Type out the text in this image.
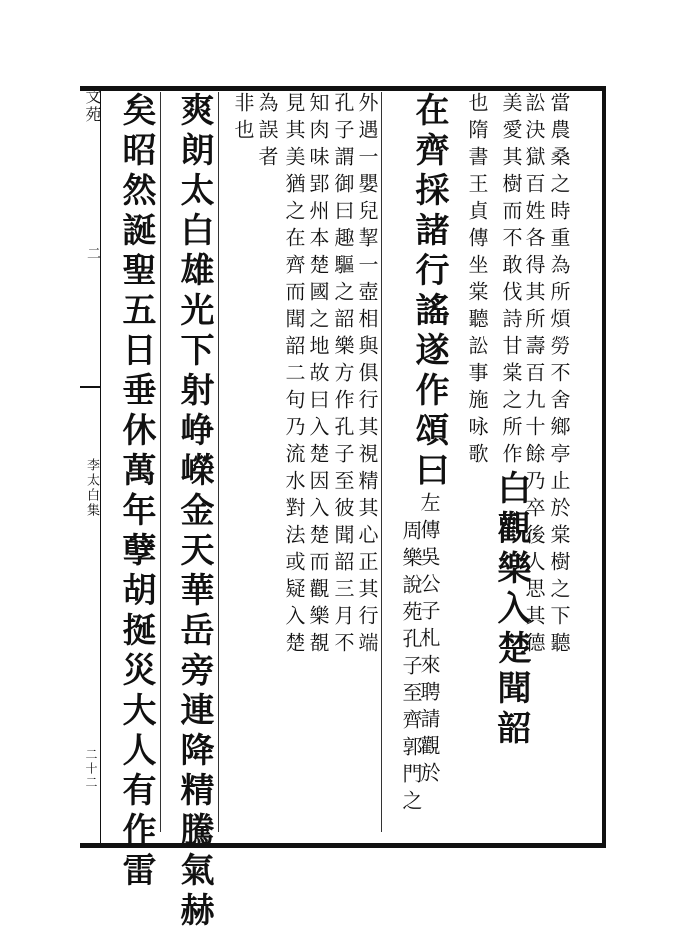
文苑
二
李太白集
二十二
當農桑之時重為所煩勞不舍鄉亭止於棠樹之下聽
訟決獄百姓各得其所壽百九十餘乃卒後人思其德
美愛其樹而不敢伐詩甘棠之所作白觀樂入楚聞韶
也隋書王貞傳坐棠聽訟事施咏歌
在齊採諸行謠遂作頌曰左傳吳公子札來聘請觀於
周樂說苑孔子至齊郭門之
外遇一嬰兒挈一壺相與俱行其視精其心正其行端
孔子謂御曰趣驅之韶樂方作孔子至彼聞韶三月不
知肉味郢州本楚國之地故曰入楚因入楚而觀樂覩
見其美猶之在齊而聞韶二句乃流水對法或疑入楚
為誤者
非也
爽朗太白雄光下射峥嶸金天華岳旁連降精騰氣赫
矣昭然誕聖五日垂休萬年孽胡挻災大人有作雷
